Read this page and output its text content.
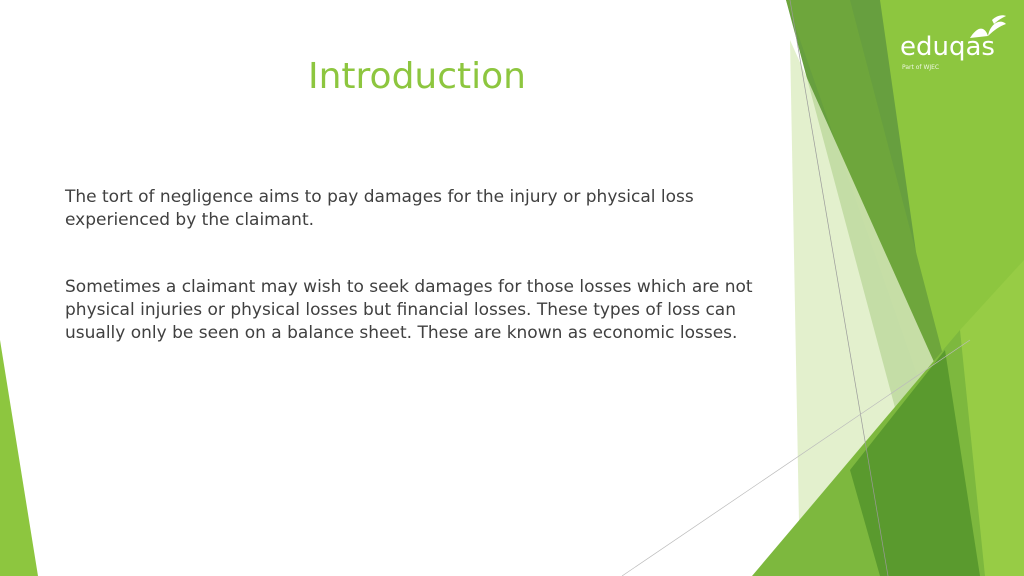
Introduction

The tort of negligence aims to pay damages for the injury or physical loss experienced by the claimant.

Sometimes a claimant may wish to seek damages for those losses which are not physical injuries or physical losses but financial losses. These types of loss can usually only be seen on a balance sheet. These are known as economic losses.

eduqas
Part of WJEC
